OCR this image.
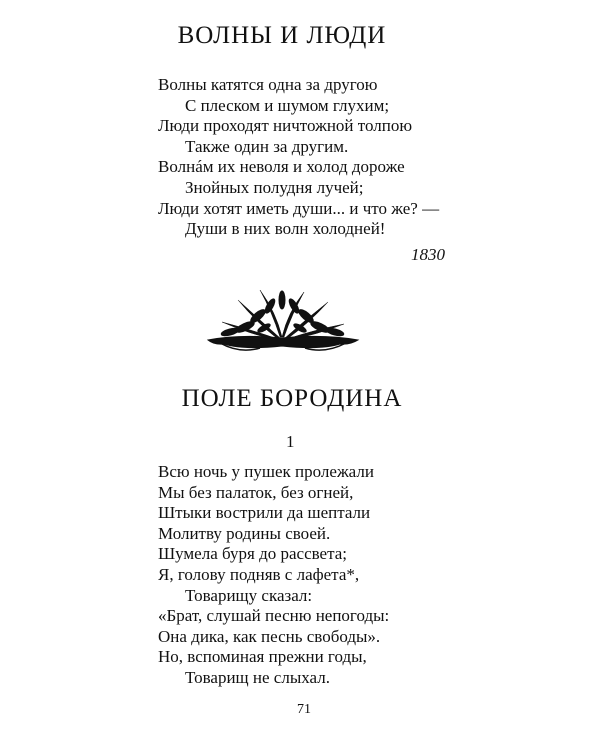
ВОЛНЫ И ЛЮДИ
Волны катятся одна за другою
С плеском и шумом глухим;
Люди проходят ничтожной толпою
Также один за другим.
Волнáм их неволя и холод дороже
Знойных полудня лучей;
Люди хотят иметь души... и что же? —
Души в них волн холодней!
1830
ПОЛЕ БОРОДИНА
1
Всю ночь у пушек пролежали
Мы без палаток, без огней,
Штыки вострили да шептали
Молитву родины своей.
Шумела буря до рассвета;
Я, голову подняв с лафета*,
Товарищу сказал:
«Брат, слушай песню непогоды:
Она дика, как песнь свободы».
Но, вспоминая прежни годы,
Товарищ не слыхал.
71
